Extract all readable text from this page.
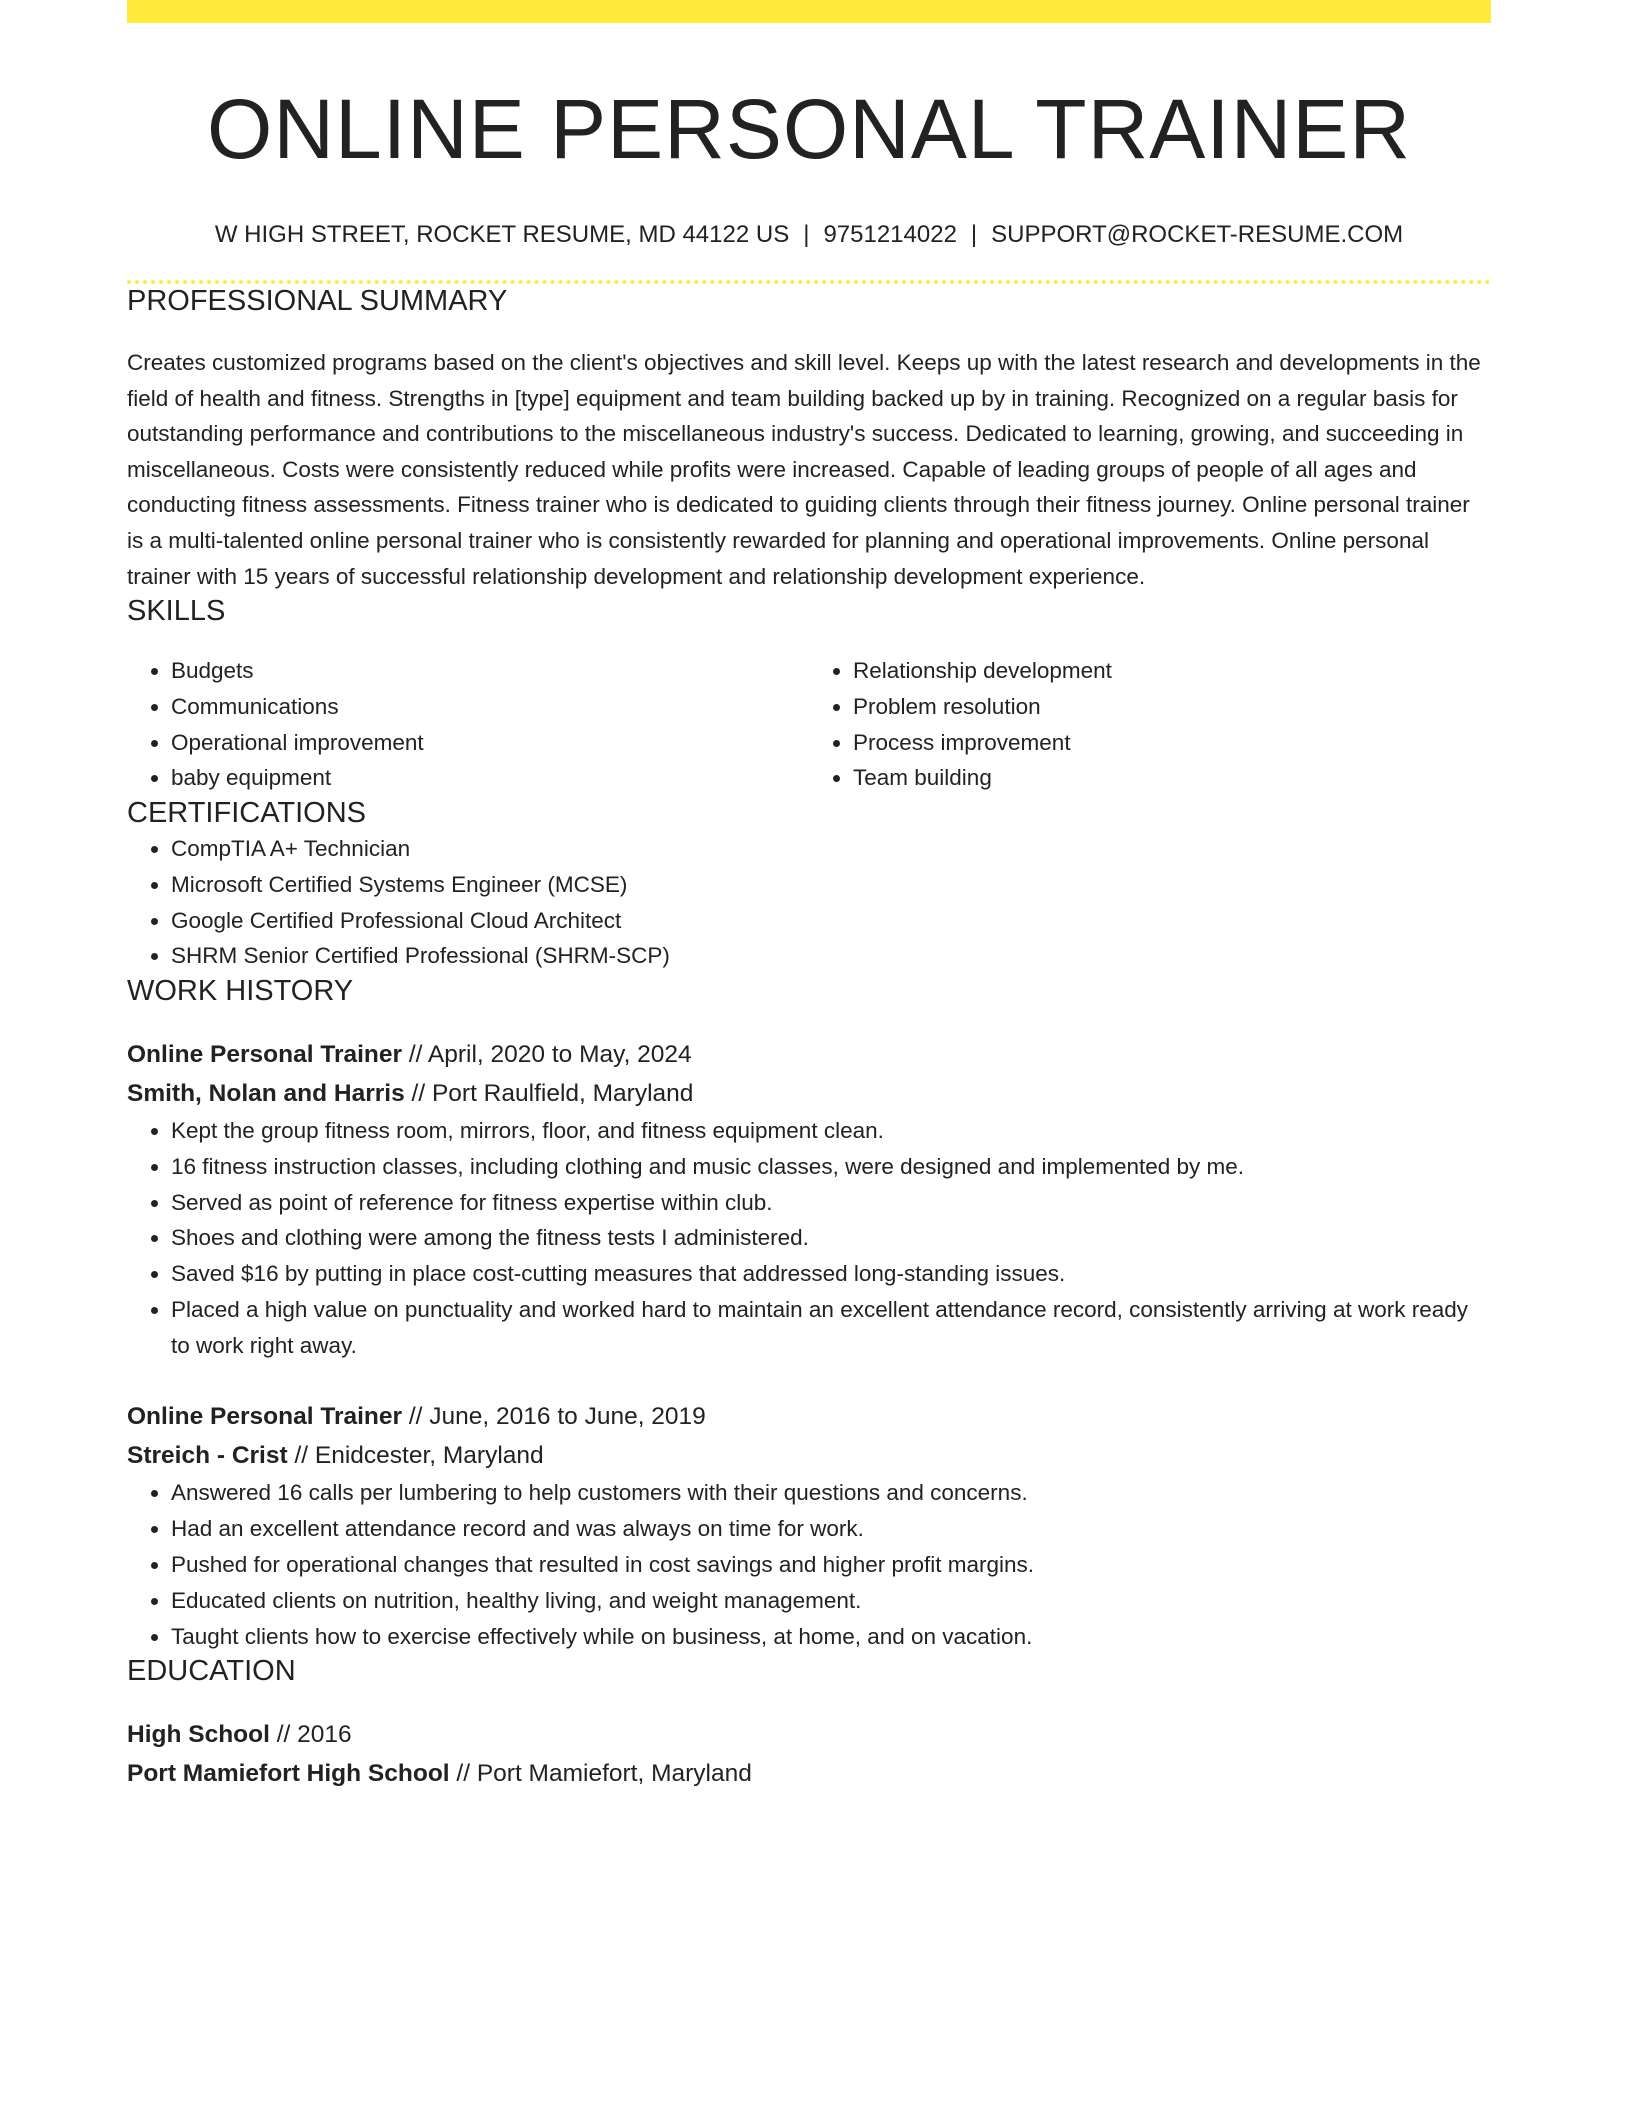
ONLINE PERSONAL TRAINER
W HIGH STREET, ROCKET RESUME, MD 44122 US | 9751214022 | SUPPORT@ROCKET-RESUME.COM
PROFESSIONAL SUMMARY

Creates customized programs based on the client's objectives and skill level. Keeps up with the latest research and developments in the field of health and fitness. Strengths in [type] equipment and team building backed up by in training. Recognized on a regular basis for outstanding performance and contributions to the miscellaneous industry's success. Dedicated to learning, growing, and succeeding in miscellaneous. Costs were consistently reduced while profits were increased. Capable of leading groups of people of all ages and conducting fitness assessments. Fitness trainer who is dedicated to guiding clients through their fitness journey. Online personal trainer is a multi-talented online personal trainer who is consistently rewarded for planning and operational improvements. Online personal trainer with 15 years of successful relationship development and relationship development experience.

SKILLS
• Budgets
• Communications
• Operational improvement
• baby equipment
• Relationship development
• Problem resolution
• Process improvement
• Team building
CERTIFICATIONS
• CompTIA A+ Technician
• Microsoft Certified Systems Engineer (MCSE)
• Google Certified Professional Cloud Architect
• SHRM Senior Certified Professional (SHRM-SCP)
WORK HISTORY
Online Personal Trainer // April, 2020 to May, 2024
Smith, Nolan and Harris // Port Raulfield, Maryland
• Kept the group fitness room, mirrors, floor, and fitness equipment clean.
• 16 fitness instruction classes, including clothing and music classes, were designed and implemented by me.
• Served as point of reference for fitness expertise within club.
• Shoes and clothing were among the fitness tests I administered.
• Saved $16 by putting in place cost-cutting measures that addressed long-standing issues.
• Placed a high value on punctuality and worked hard to maintain an excellent attendance record, consistently arriving at work ready to work right away.
Online Personal Trainer // June, 2016 to June, 2019
Streich - Crist // Enidcester, Maryland
• Answered 16 calls per lumbering to help customers with their questions and concerns.
• Had an excellent attendance record and was always on time for work.
• Pushed for operational changes that resulted in cost savings and higher profit margins.
• Educated clients on nutrition, healthy living, and weight management.
• Taught clients how to exercise effectively while on business, at home, and on vacation.
EDUCATION
High School // 2016
Port Mamiefort High School // Port Mamiefort, Maryland
